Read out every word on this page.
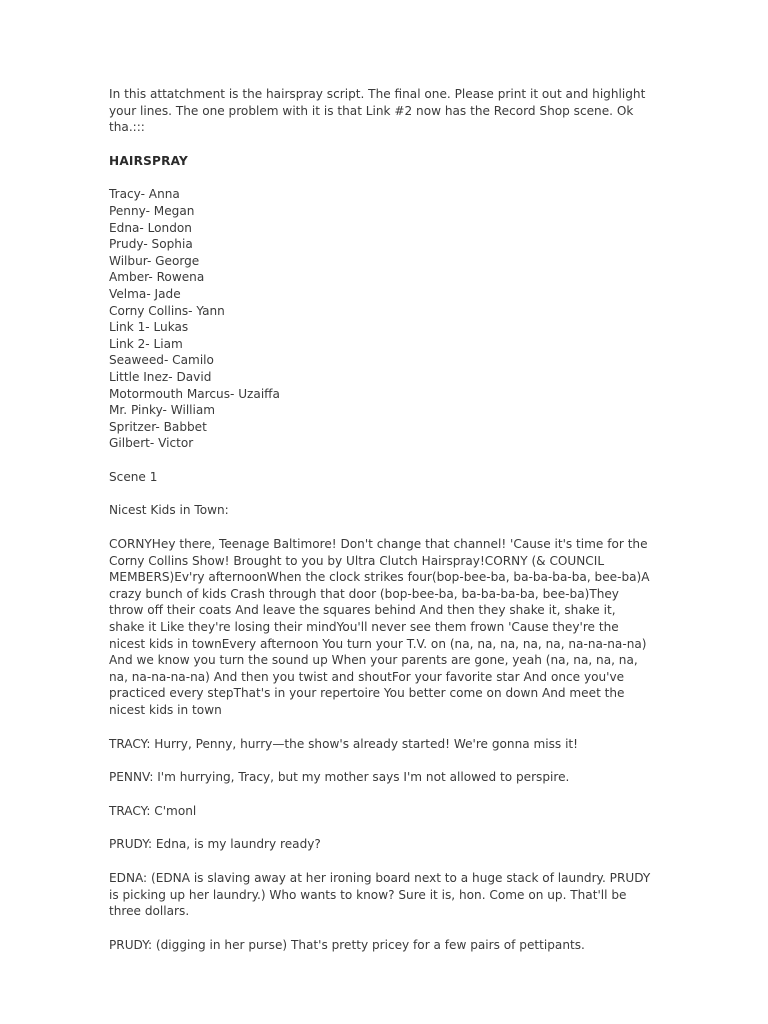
In this attatchment is the hairspray script. The final one. Please print it out and highlight your lines. The one problem with it is that Link #2 now has the Record Shop scene. Ok tha.:::

HAIRSPRAY
Tracy- Anna
Penny- Megan
Edna- London
Prudy- Sophia
Wilbur- George
Amber- Rowena
Velma- Jade
Corny Collins- Yann
Link 1- Lukas
Link 2- Liam
Seaweed- Camilo
Little Inez- David
Motormouth Marcus- Uzaiffa
Mr. Pinky- William
Spritzer- Babbet
Gilbert- Victor

Scene 1

Nicest Kids in Town:

CORNYHey there, Teenage Baltimore! Don't change that channel! 'Cause it's time for the Corny Collins Show! Brought to you by Ultra Clutch Hairspray!CORNY (& COUNCIL MEMBERS)Ev'ry afternoonWhen the clock strikes four(bop-bee-ba, ba-ba-ba-ba, bee-ba)A crazy bunch of kids Crash through that door (bop-bee-ba, ba-ba-ba-ba, bee-ba)They throw off their coats And leave the squares behind And then they shake it, shake it, shake it Like they're losing their mindYou'll never see them frown 'Cause they're the nicest kids in townEvery afternoon You turn your T.V. on (na, na, na, na, na, na-na-na-na) And we know you turn the sound up When your parents are gone, yeah (na, na, na, na, na, na-na-na-na) And then you twist and shoutFor your favorite star And once you've practiced every stepThat's in your repertoire You better come on down And meet the nicest kids in town

TRACY: Hurry, Penny, hurry—the show's already started! We're gonna miss it!

PENNV: I'm hurrying, Tracy, but my mother says I'm not allowed to perspire.

TRACY: C'monl

PRUDY: Edna, is my laundry ready?

EDNA: (EDNA is slaving away at her ironing board next to a huge stack of laundry. PRUDY is picking up her laundry.) Who wants to know? Sure it is, hon. Come on up. That'll be three dollars.

PRUDY: (digging in her purse) That's pretty pricey for a few pairs of pettipants.
